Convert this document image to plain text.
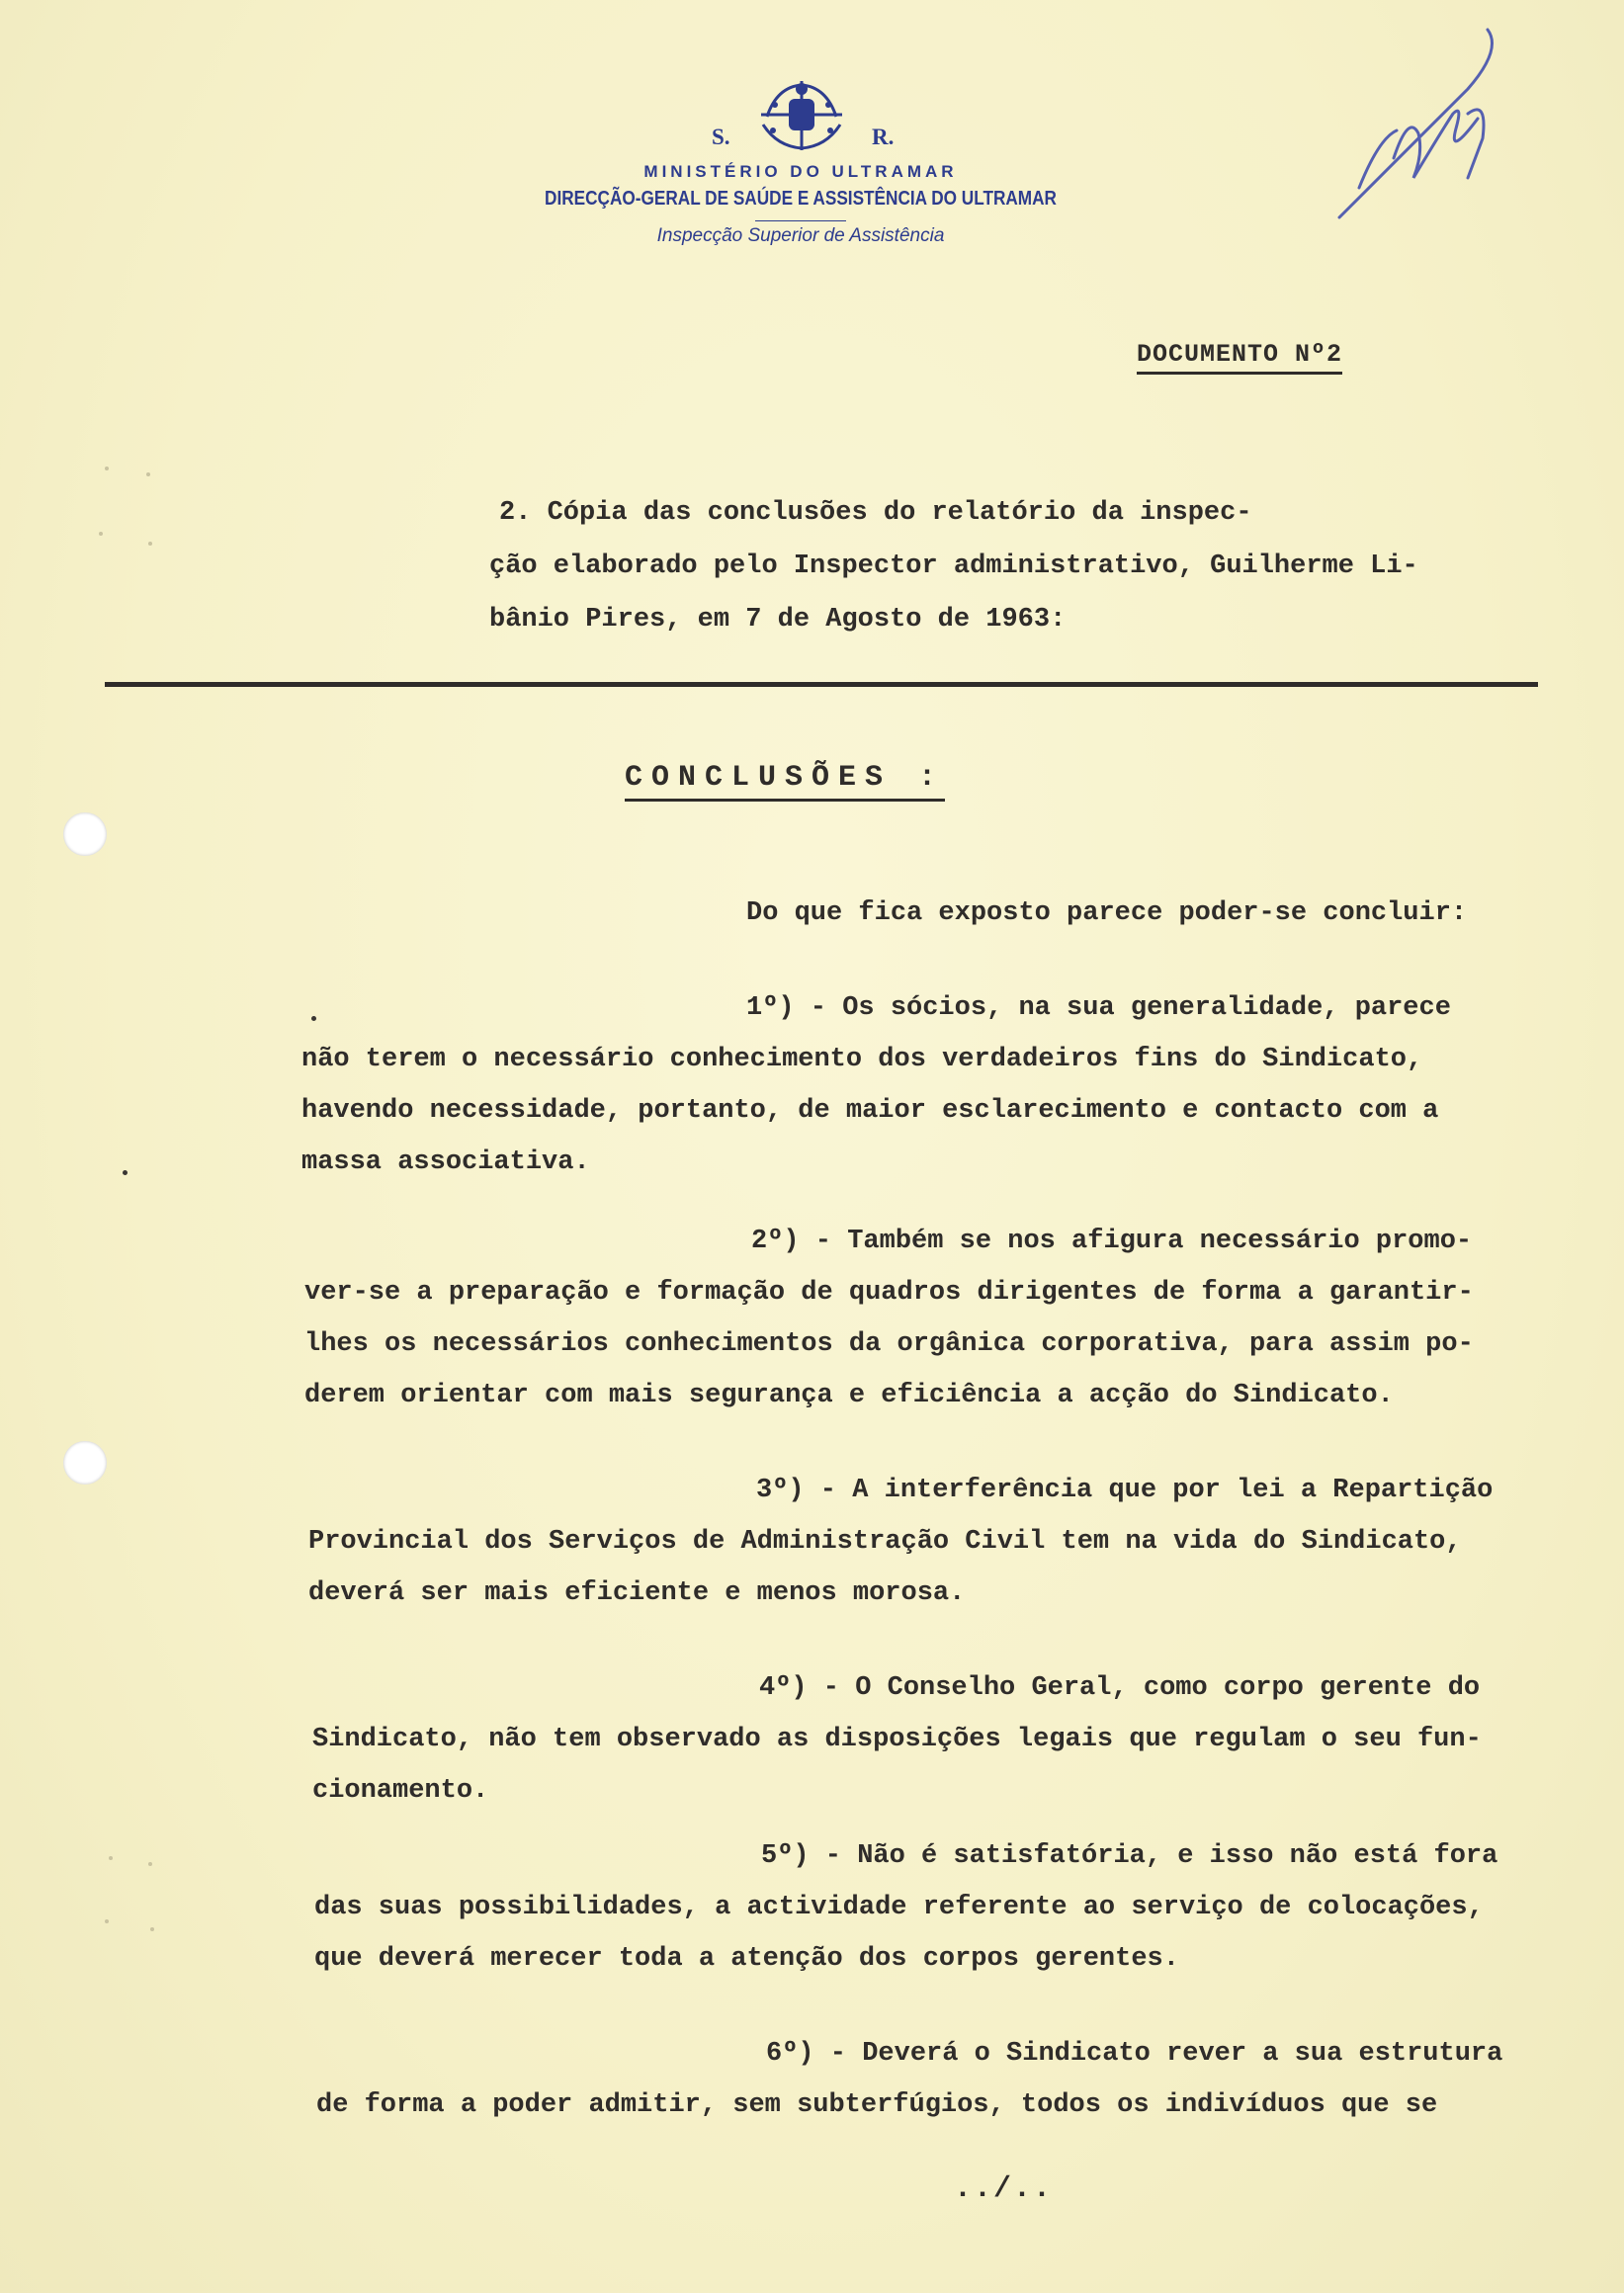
S.	R.
MINISTÉRIO DO ULTRAMAR
DIRECÇÃO-GERAL DE SAÚDE E ASSISTÊNCIA DO ULTRAMAR
Inspecção Superior de Assistência
DOCUMENTO Nº2
2. Cópia das conclusões do relatório da inspec-
ção elaborado pelo Inspector administrativo, Guilherme Li-
bânio Pires, em 7 de Agosto de 1963:
CONCLUSÕES :
Do que fica exposto parece poder-se concluir:
1º) - Os sócios, na sua generalidade, parece
não terem o necessário conhecimento dos verdadeiros fins do Sindicato,
havendo necessidade, portanto, de maior esclarecimento e contacto com a
massa associativa.
2º) - Também se nos afigura necessário promo-
ver-se a preparação e formação de quadros dirigentes de forma a garantir-
lhes os necessários conhecimentos da orgânica corporativa, para assim po-
derem orientar com mais segurança e eficiência a acção do Sindicato.
3º) - A interferência que por lei a Repartição
Provincial dos Serviços de Administração Civil tem na vida do Sindicato,
deverá ser mais eficiente e menos morosa.
4º) - O Conselho Geral, como corpo gerente do
Sindicato, não tem observado as disposições legais que regulam o seu fun-
cionamento.
5º) - Não é satisfatória, e isso não está fora
das suas possibilidades, a actividade referente ao serviço de colocações,
que deverá merecer toda a atenção dos corpos gerentes.
6º) - Deverá o Sindicato rever a sua estrutura
de forma a poder admitir, sem subterfúgios, todos os indivíduos que se
../..
